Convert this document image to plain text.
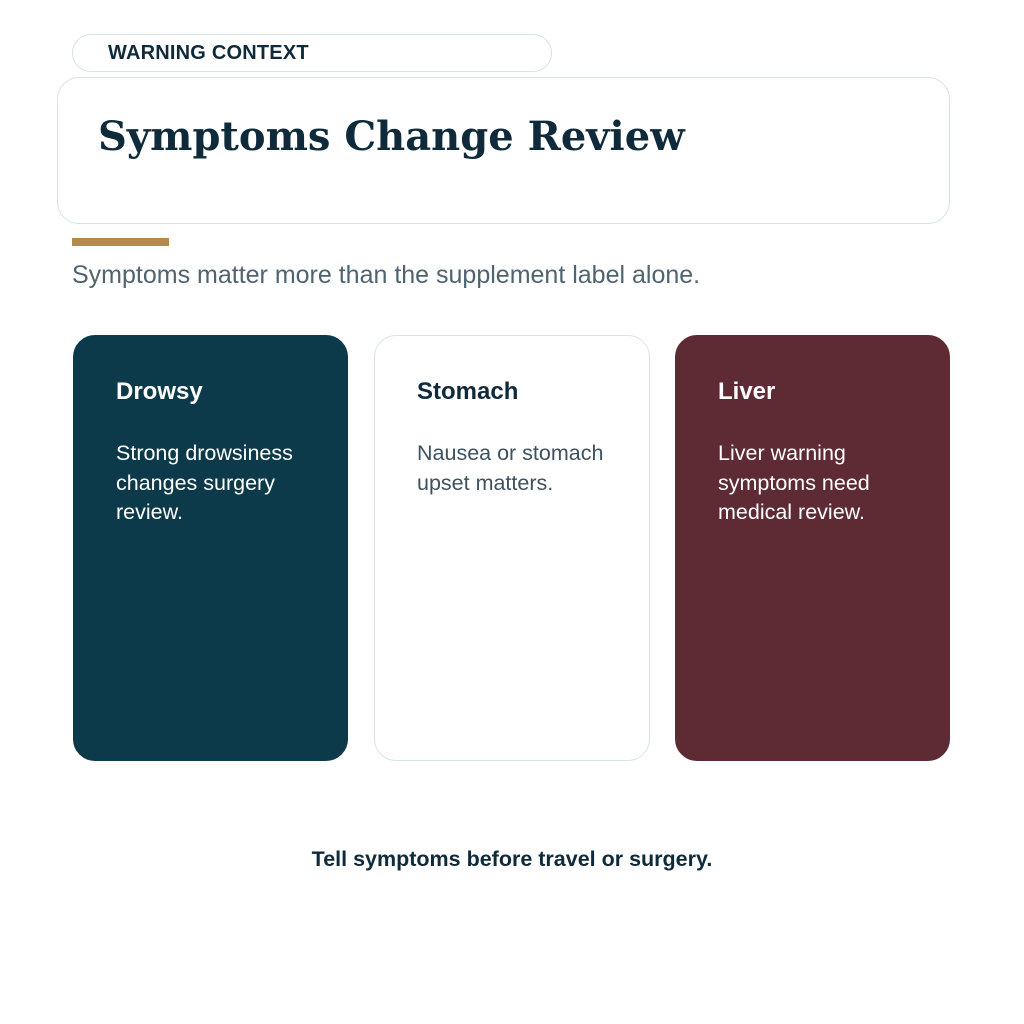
WARNING CONTEXT
Symptoms Change Review

Symptoms matter more than the supplement label alone.

Drowsy

Strong drowsiness changes surgery review.

Stomach

Nausea or stomach upset matters.

Liver

Liver warning symptoms need medical review.

Tell symptoms before travel or surgery.
